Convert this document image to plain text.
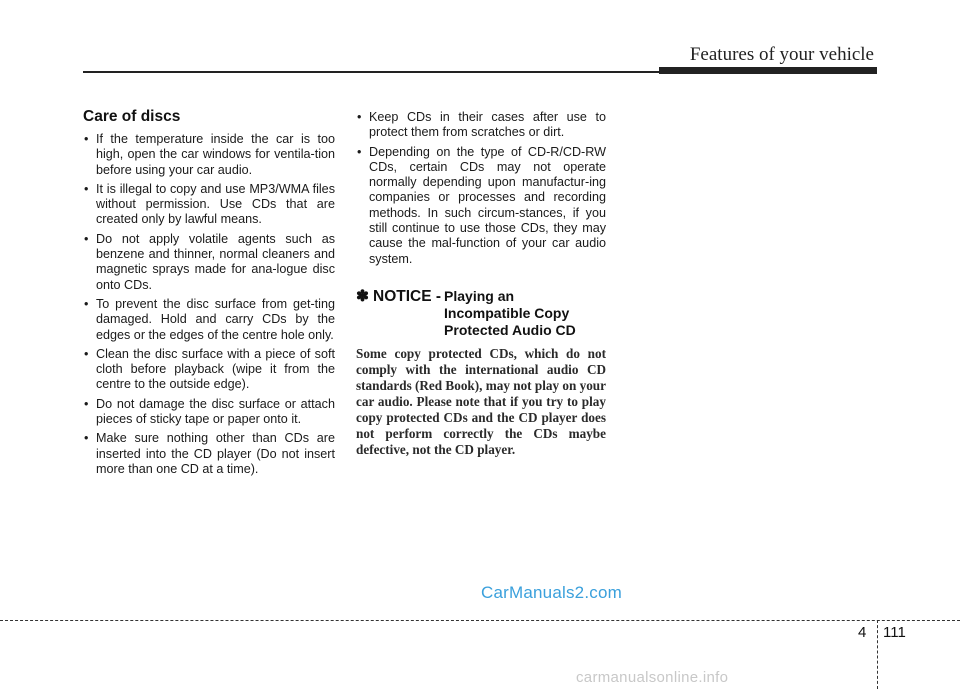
Features of your vehicle
Care of discs
• If the temperature inside the car is too high, open the car windows for ventila-tion before using your car audio.
• It is illegal to copy and use MP3/WMA files without permission. Use CDs that are created only by lawful means.
• Do not apply volatile agents such as benzene and thinner, normal cleaners and magnetic sprays made for ana-logue disc onto CDs.
• To prevent the disc surface from get-ting damaged. Hold and carry CDs by the edges or the edges of the centre hole only.
• Clean the disc surface with a piece of soft cloth before playback (wipe it from the centre to the outside edge).
• Do not damage the disc surface or attach pieces of sticky tape or paper onto it.
• Make sure nothing other than CDs are inserted into the CD player (Do not insert more than one CD at a time).
• Keep CDs in their cases after use to protect them from scratches or dirt.
• Depending on the type of CD-R/CD-RW CDs, certain CDs may not operate normally depending upon manufactur-ing companies or processes and recording methods. In such circum-stances, if you still continue to use those CDs, they may cause the mal-function of your car audio system.
✽ NOTICE - Playing an
Incompatible Copy
Protected Audio CD
Some copy protected CDs, which do not comply with the international audio CD standards (Red Book), may not play on your car audio. Please note that if you try to play copy protected CDs and the CD player does not perform correctly the CDs maybe defective, not the CD player.
CarManuals2.com
4 111
carmanualsonline.info
